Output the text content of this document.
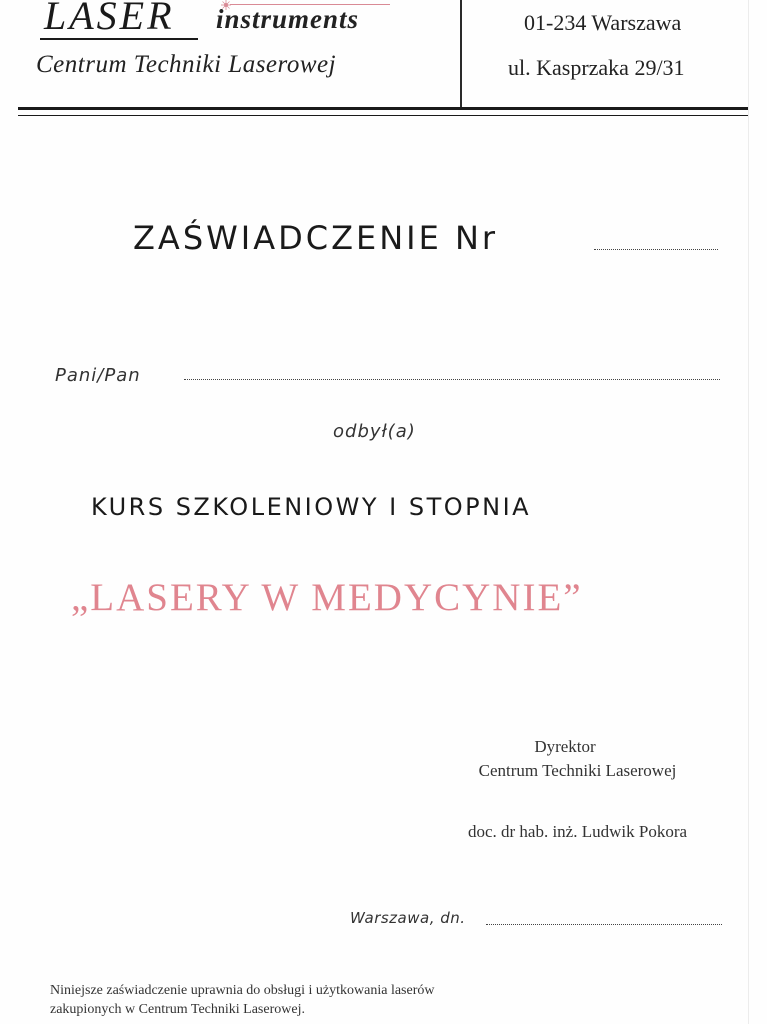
LASER instruments
Centrum Techniki Laserowej
01-234 Warszawa
ul. Kasprzaka 29/31
ZAŚWIADCZENIE Nr
Pani/Pan
odbył(a)
KURS SZKOLENIOWY I STOPNIA
„LASERY W MEDYCYNIE”
Dyrektor
Centrum Techniki Laserowej
doc. dr hab. inż. Ludwik Pokora
Warszawa, dn.
Niniejsze zaświadczenie uprawnia do obsługi i użytkowania laserów zakupionych w Centrum Techniki Laserowej.
